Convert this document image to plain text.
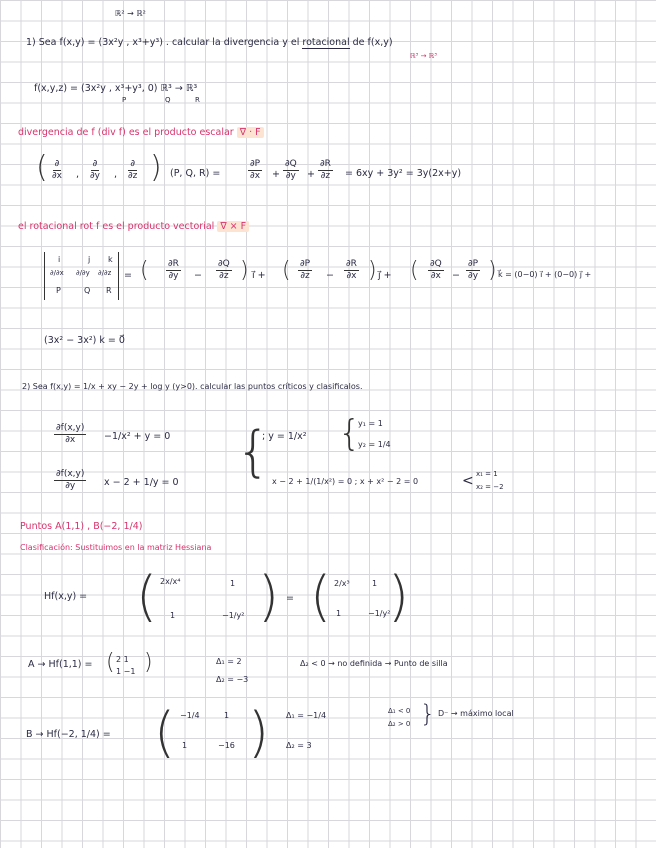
ℝ² → ℝ²
1) Sea f(x,y) = (3x²y , x³+y³) . calcular la divergencia y el rotacional de f(x,y)
ℝ³ → ℝ³
f(x,y,z) = (3x²y , x³+y³, 0) ℝ³ → ℝ³
P	Q	R
divergencia de f (div f) es el producto escalar ∇ · F
( ∂
∂x ,
∂
∂y ,
∂
∂z ) (P, Q, R) =	$\frac{\partial P}{\partial x} + \frac{\partial Q}{\partial y} + \frac{\partial R}{\partial z} = 6xy + 3y^2 = 3y(2x+y)$
el rotacional rot f es el producto vectorial ∇ × F
i	j k
∂/∂x ∂/∂y ∂/∂z
P	Q R
= ( $\frac{\partial R}{\partial y} - \frac{\partial Q}{\partial z}$ ) i⃗ + ( $\frac{\partial P}{\partial z} - \frac{\partial R}{\partial x}$ ) j⃗ + ( $\frac{\partial Q}{\partial x} - \frac{\partial P}{\partial y}$ ) k⃗ = (0−0) i⃗ + (0−0) j⃗ +
(3x² − 3x²) k = 0⃗
2) Sea f(x,y) = 1/x + xy − 2y + log y (y>0). calcular las puntos críticos y clasificalos.
$\frac{\partial f(x,y)}{\partial x} -1/x^2 + y = 0$
$\frac{\partial f(x,y)}{\partial y}$ x − 2 + 1/y = 0 {
; y = 1/x² {
y₁ = 1
y₂ = 1/4
x − 2 + 1/(1/x²) = 0 ; x + x² − 2 = 0	< x₁ = 1
x₂ = −2
Puntos A(1,1) , B(−2, 1/4)
Clasificación: Sustituimos en la matriz Hessiana
Hf(x,y) = ( 2x/x⁴	1
1	−1/y² ) = ( 2/x³	1
1	−1/y²
)
A → Hf(1,1) = ( 2 1
1 −1 )	Δ₁ = 2
Δ₂ = −3
Δ₂ < 0 → no definida → Punto de silla
B → Hf(−2, 1/4) = ( −1/4	1
1	−16 ) Δ₁ = −1/4
Δ₂ = 3
Δ₁ < 0
Δ₂ > 0 } D⁻ → máximo local
